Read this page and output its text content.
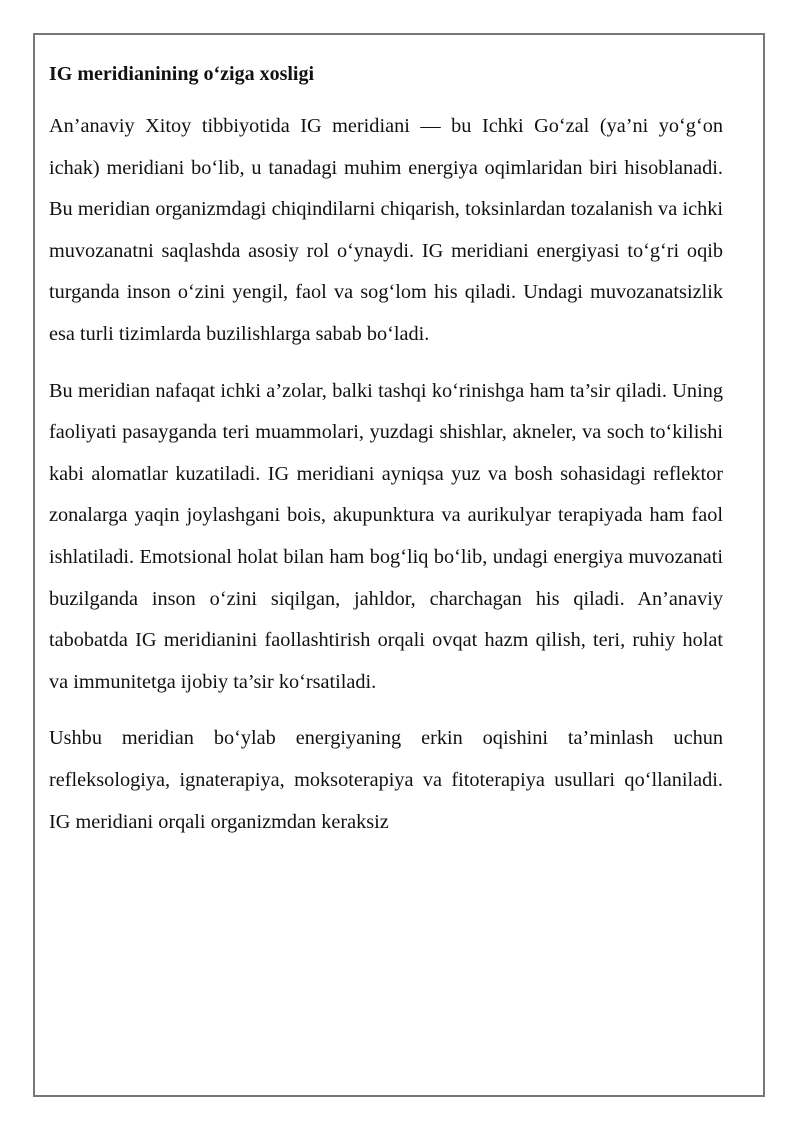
IG meridianining o‘ziga xosligi

An’anaviy Xitoy tibbiyotida IG meridiani — bu Ichki Go‘zal (ya’ni yo‘g‘on ichak) meridiani bo‘lib, u tanadagi muhim energiya oqimlaridan biri hisoblanadi. Bu meridian organizmdagi chiqindilarni chiqarish, toksinlardan tozalanish va ichki muvozanatni saqlashda asosiy rol o‘ynaydi. IG meridiani energiyasi to‘g‘ri oqib turganda inson o‘zini yengil, faol va sog‘lom his qiladi. Undagi muvozanatsizlik esa turli tizimlarda buzilishlarga sabab bo‘ladi.

Bu meridian nafaqat ichki a’zolar, balki tashqi ko‘rinishga ham ta’sir qiladi. Uning faoliyati pasayganda teri muammolari, yuzdagi shishlar, akneler, va soch to‘kilishi kabi alomatlar kuzatiladi. IG meridiani ayniqsa yuz va bosh sohasidagi reflektor zonalarga yaqin joylashgani bois, akupunktura va aurikulyar terapiyada ham faol ishlatiladi. Emotsional holat bilan ham bog‘liq bo‘lib, undagi energiya muvozanati buzilganda inson o‘zini siqilgan, jahldor, charchagan his qiladi. An’anaviy tabobatda IG meridianini faollashtirish orqali ovqat hazm qilish, teri, ruhiy holat va immunitetga ijobiy ta’sir ko‘rsatiladi.

Ushbu meridian bo‘ylab energiyaning erkin oqishini ta’minlash uchun refleksologiya, ignaterapiya, moksoterapiya va fitoterapiya usullari qo‘llaniladi. IG meridiani orqali organizmdan keraksiz
